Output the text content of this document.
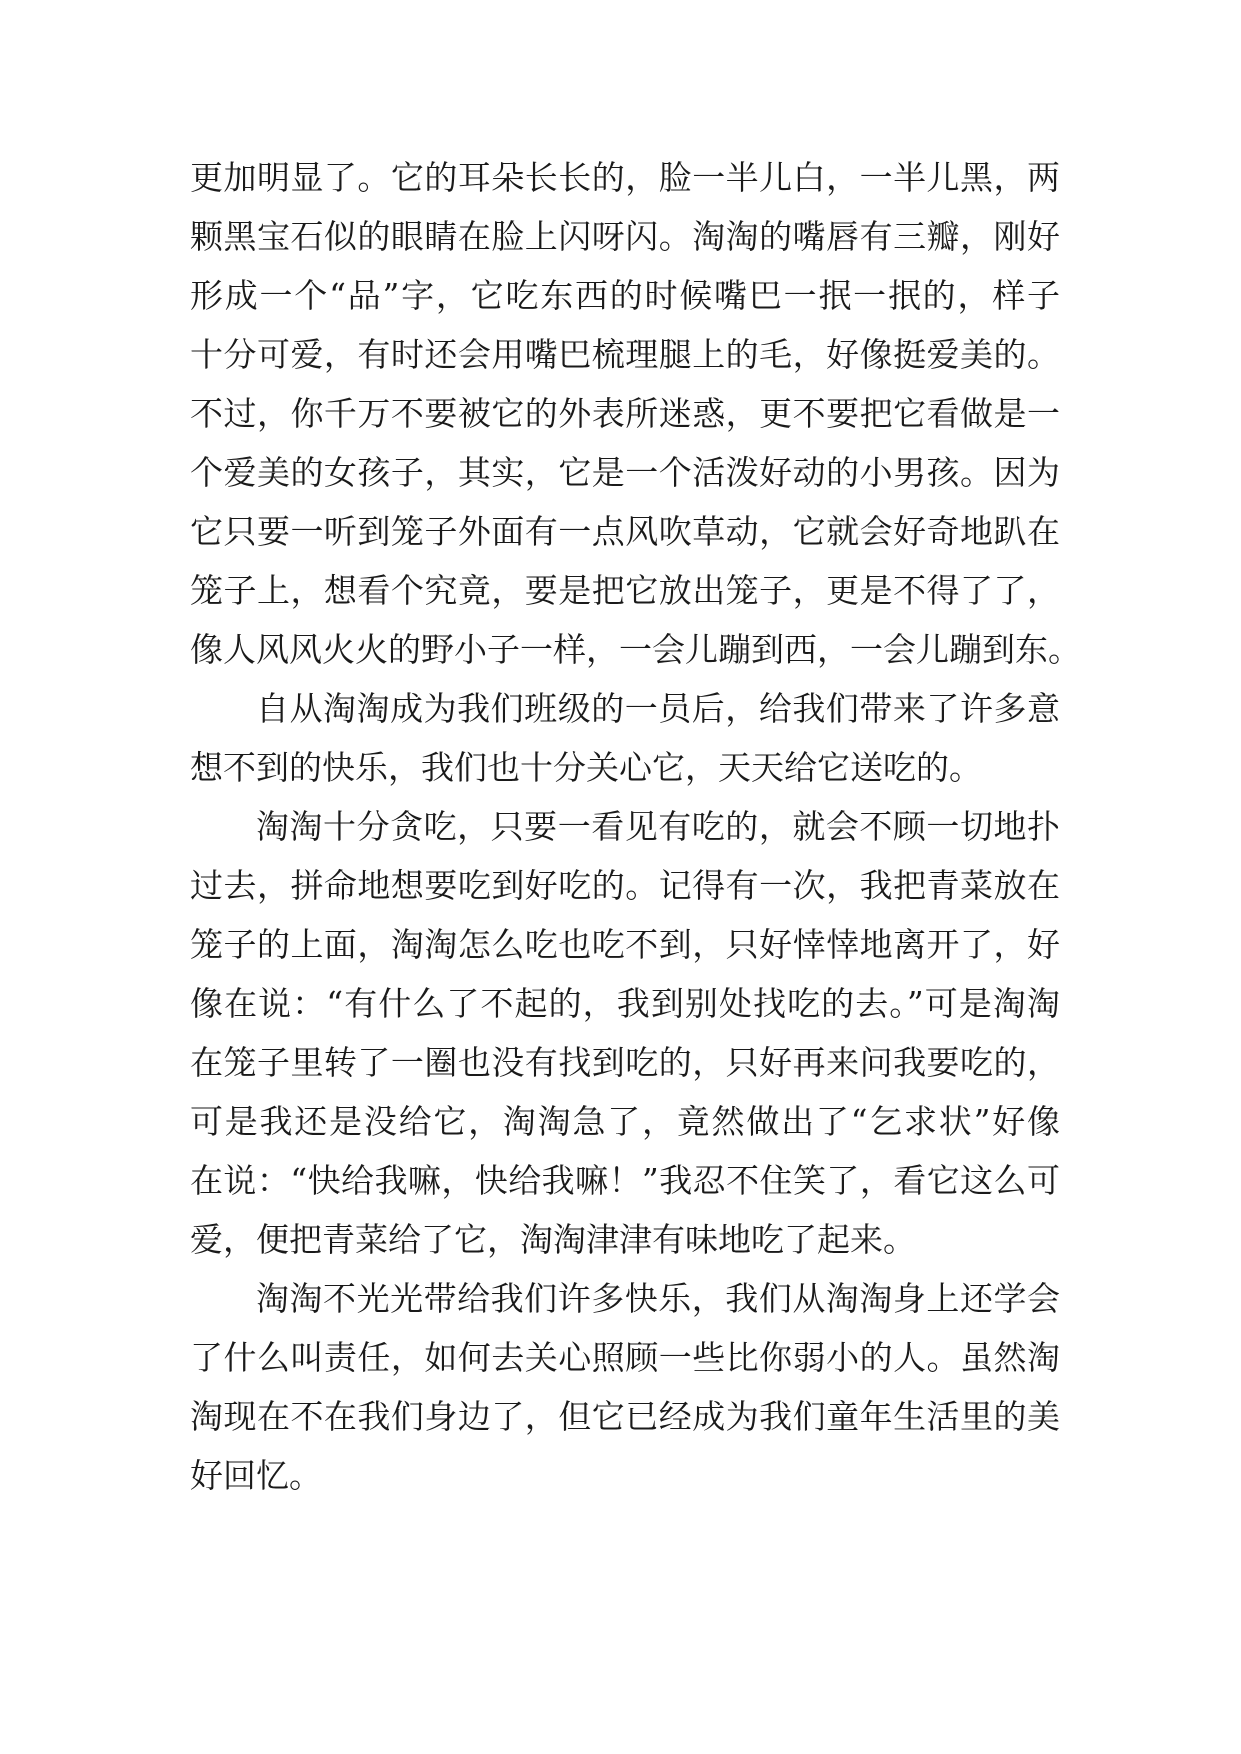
更加明显了。它的耳朵长长的，脸一半儿白，一半儿黑，两
颗黑宝石似的眼睛在脸上闪呀闪。淘淘的嘴唇有三瓣，刚好
形成一个“品”字，它吃东西的时候嘴巴一抿一抿的，样子
十分可爱，有时还会用嘴巴梳理腿上的毛，好像挺爱美的。
不过，你千万不要被它的外表所迷惑，更不要把它看做是一
个爱美的女孩子，其实，它是一个活泼好动的小男孩。因为
它只要一听到笼子外面有一点风吹草动，它就会好奇地趴在
笼子上，想看个究竟，要是把它放出笼子，更是不得了了，
像人风风火火的野小子一样，一会儿蹦到西，一会儿蹦到东。
自从淘淘成为我们班级的一员后，给我们带来了许多意
想不到的快乐，我们也十分关心它，天天给它送吃的。
淘淘十分贪吃，只要一看见有吃的，就会不顾一切地扑
过去，拼命地想要吃到好吃的。记得有一次，我把青菜放在
笼子的上面，淘淘怎么吃也吃不到，只好悻悻地离开了，好
像在说：“有什么了不起的，我到别处找吃的去。”可是淘淘
在笼子里转了一圈也没有找到吃的，只好再来问我要吃的，
可是我还是没给它，淘淘急了，竟然做出了“乞求状”好像
在说：“快给我嘛，快给我嘛！”我忍不住笑了，看它这么可
爱，便把青菜给了它，淘淘津津有味地吃了起来。
淘淘不光光带给我们许多快乐，我们从淘淘身上还学会
了什么叫责任，如何去关心照顾一些比你弱小的人。虽然淘
淘现在不在我们身边了，但它已经成为我们童年生活里的美
好回忆。
